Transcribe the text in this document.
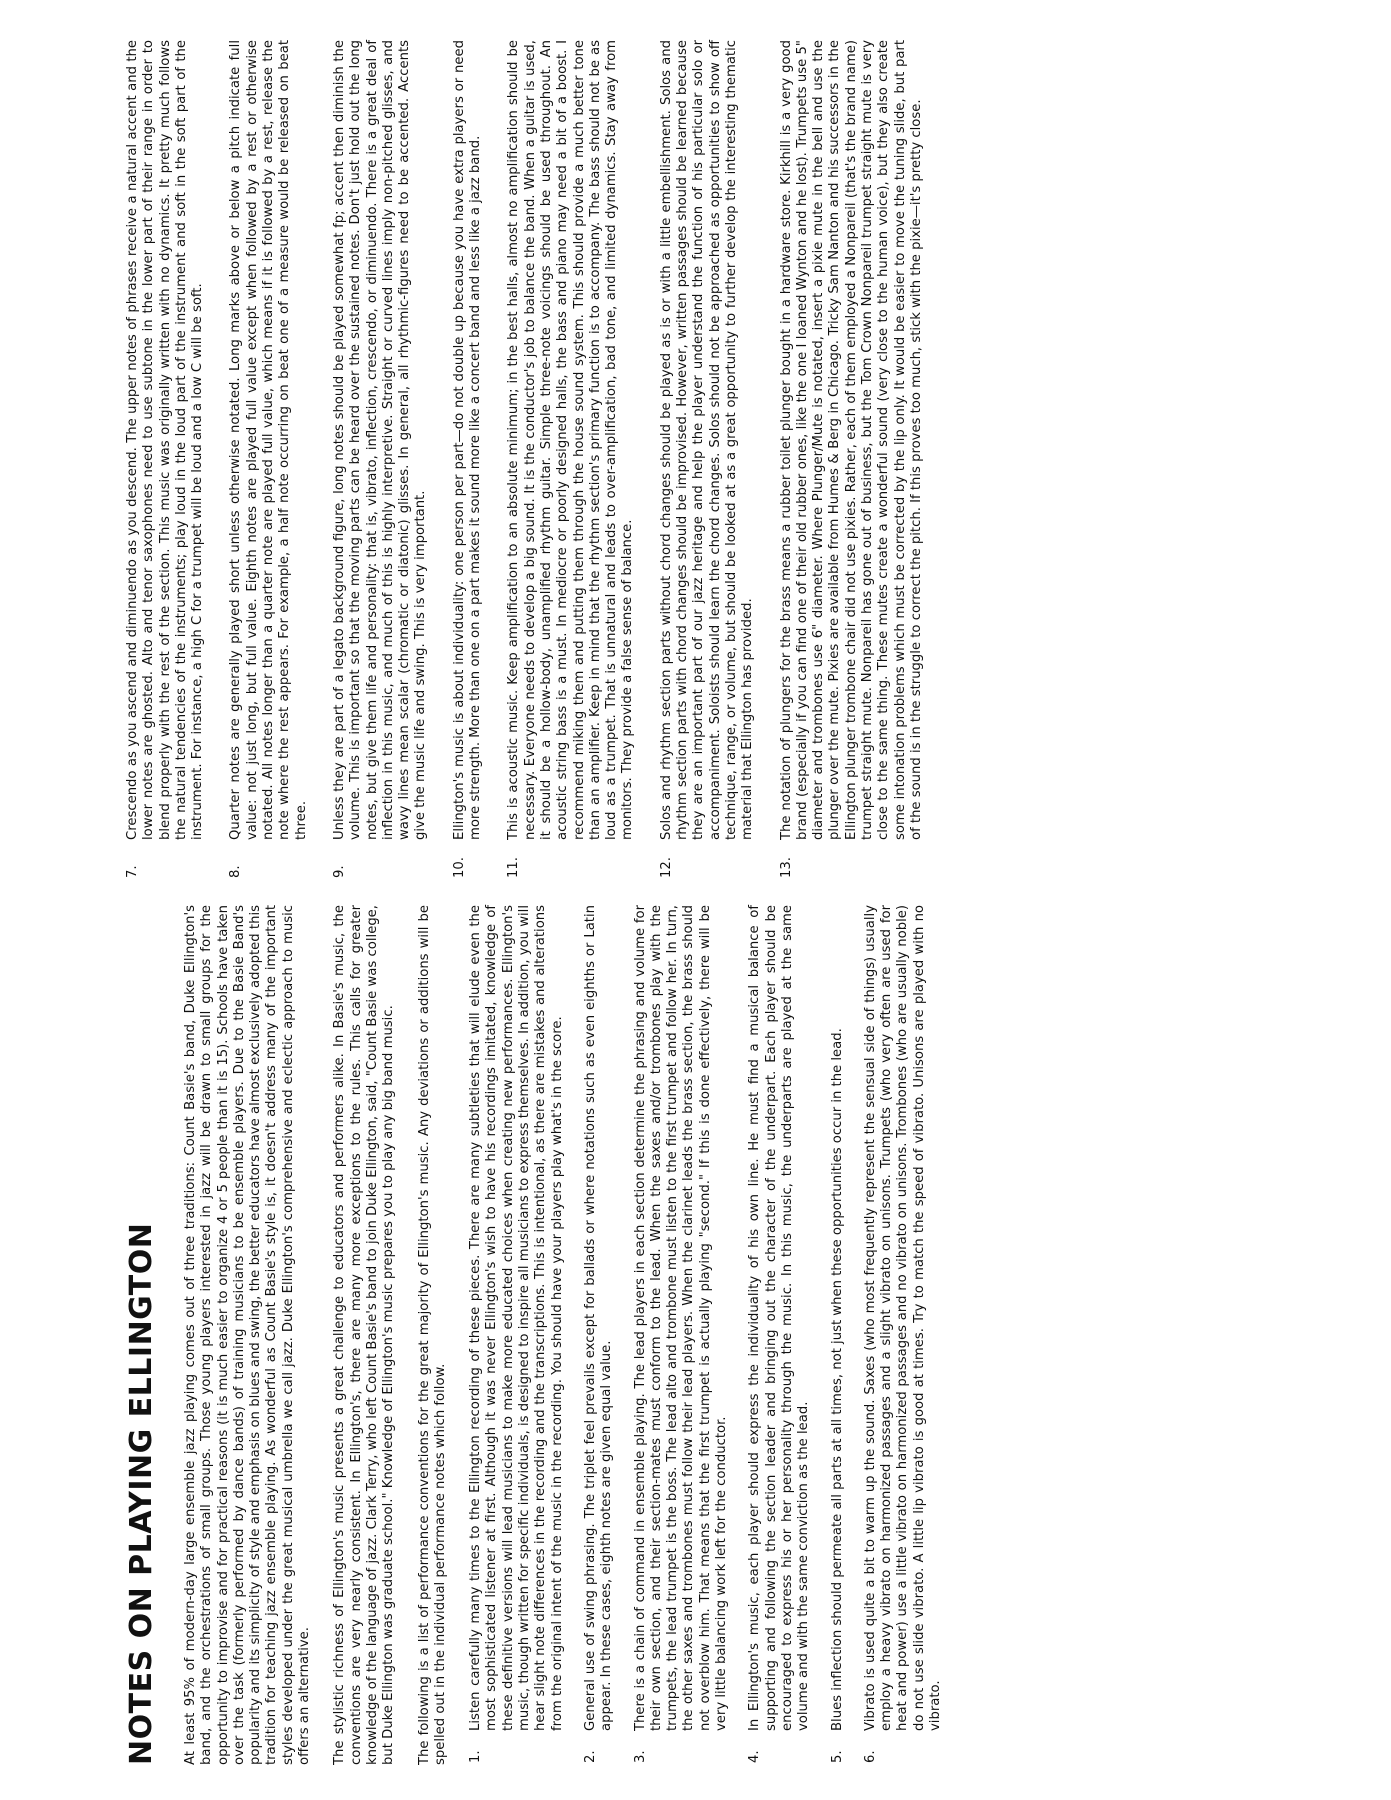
NOTES ON PLAYING ELLINGTON At least 95% of modern-day large ensemble jazz playing comes out of three traditions: Count Basie's band, Duke Ellington's band, and the orchestrations of small groups. Those young players interested in jazz will be drawn to small groups for the opportunity to improvise and for practical reasons (it is much easier to organize 4 or 5 people than it is 15). Schools have taken over the task (formerly performed by dance bands) of training musicians to be ensemble players. Due to the Basie Band's popularity and its simplicity of style and emphasis on blues and swing, the better educators have almost exclusively adopted this tradition for teaching jazz ensemble playing. As wonderful as Count Basie's style is, it doesn't address many of the important styles developed under the great musical umbrella we call jazz. Duke Ellington's comprehensive and eclectic approach to music offers an alternative. The stylistic richness of Ellington's music presents a great challenge to educators and performers alike. In Basie's music, the conventions are very nearly consistent. In Ellington's, there are many more exceptions to the rules. This calls for greater knowledge of the language of jazz. Clark Terry, who left Count Basie's band to join Duke Ellington, said, "Count Basie was college, but Duke Ellington was graduate school." Knowledge of Ellington's music prepares you to play any big band music. The following is a list of performance conventions for the great majority of Ellington's music. Any deviations or additions will be spelled out in the individual performance notes which follow. 1.
Listen carefully many times to the Ellington recording of these pieces. There are many subtleties that will elude even the most sophisticated listener at first. Although it was never Ellington's wish to have his recordings imitated, knowledge of these definitive versions will lead musicians to make more educated choices when creating new performances. Ellington's music, though written for specific individuals, is designed to inspire all musicians to express themselves. In addition, you will hear slight note differences in the recording and the transcriptions. This is intentional, as there are mistakes and alterations from the original intent of the music in the recording. You should have your players play what's in the score.
2.
General use of swing phrasing. The triplet feel prevails except for ballads or where notations such as even eighths or Latin appear. In these cases, eighth notes are given equal value.
3.
There is a chain of command in ensemble playing. The lead players in each section determine the phrasing and volume for their own section, and their section-mates must conform to the lead. When the saxes and/or trombones play with the trumpets, the lead trumpet is the boss. The lead alto and trombone must listen to the first trumpet and follow her. In turn, the other saxes and trombones must follow their lead players. When the clarinet leads the brass section, the brass should not overblow him. That means that the first trumpet is actually playing "second." If this is done effectively, there will be very little balancing work left for the conductor.
4.
In Ellington's music, each player should express the individuality of his own line. He must find a musical balance of supporting and following the section leader and bringing out the character of the underpart. Each player should be encouraged to express his or her personality through the music. In this music, the underparts are played at the same volume and with the same conviction as the lead.
5.
Blues inflection should permeate all parts at all times, not just when these opportunities occur in the lead.
6.
Vibrato is used quite a bit to warm up the sound. Saxes (who most frequently represent the sensual side of things) usually employ a heavy vibrato on harmonized passages and a slight vibrato on unisons. Trumpets (who very often are used for heat and power) use a little vibrato on harmonized passages and no vibrato on unisons. Trombones (who are usually noble) do not use slide vibrato. A little lip vibrato is good at times. Try to match the speed of vibrato. Unisons are played with no vibrato.
7.
Crescendo as you ascend and diminuendo as you descend. The upper notes of phrases receive a natural accent and the lower notes are ghosted. Alto and tenor saxophones need to use subtone in the lower part of their range in order to blend properly with the rest of the section. This music was originally written with no dynamics. It pretty much follows the natural tendencies of the instruments; play loud in the loud part of the instrument and soft in the soft part of the instrument. For instance, a high C for a trumpet will be loud and a low C will be soft.
8.
Quarter notes are generally played short unless otherwise notated. Long marks above or below a pitch indicate full value: not just long, but full value. Eighth notes are played full value except when followed by a rest or otherwise notated. All notes longer than a quarter note are played full value, which means if it is followed by a rest, release the note where the rest appears. For example, a half note occurring on beat one of a measure would be released on beat three.
9.
Unless they are part of a legato background figure, long notes should be played somewhat fp; accent then diminish the volume. This is important so that the moving parts can be heard over the sustained notes. Don't just hold out the long notes, but give them life and personality: that is, vibrato, inflection, crescendo, or diminuendo. There is a great deal of inflection in this music, and much of this is highly interpretive. Straight or curved lines imply non-pitched glisses, and wavy lines mean scalar (chromatic or diatonic) glisses. In general, all rhythmic-figures need to be accented. Accents give the music life and swing. This is very important.
10.
Ellington's music is about individuality: one person per part—do not double up because you have extra players or need more strength. More than one on a part makes it sound more like a concert band and less like a jazz band.
11.
This is acoustic music. Keep amplification to an absolute minimum; in the best halls, almost no amplification should be necessary. Everyone needs to develop a big sound. It is the conductor's job to balance the band. When a guitar is used, it should be a hollow-body, unamplified rhythm guitar. Simple three-note voicings should be used throughout. An acoustic string bass is a must. In mediocre or poorly designed halls, the bass and piano may need a bit of a boost. I recommend miking them and putting them through the house sound system. This should provide a much better tone than an amplifier. Keep in mind that the rhythm section's primary function is to accompany. The bass should not be as loud as a trumpet. That is unnatural and leads to over-amplification, bad tone, and limited dynamics. Stay away from monitors. They provide a false sense of balance.
12.
Solos and rhythm section parts without chord changes should be played as is or with a little embellishment. Solos and rhythm section parts with chord changes should be improvised. However, written passages should be learned because they are an important part of our jazz heritage and help the player understand the function of his particular solo or accompaniment. Soloists should learn the chord changes. Solos should not be approached as opportunities to show off technique, range, or volume, but should be looked at as a great opportunity to further develop the interesting thematic material that Ellington has provided.
13.
The notation of plungers for the brass means a rubber toilet plunger bought in a hardware store. Kirkhill is a very good brand (especially if you can find one of their old rubber ones, like the one I loaned Wynton and he lost). Trumpets use 5" diameter and trombones use 6" diameter. Where Plunger/Mute is notated, insert a pixie mute in the bell and use the plunger over the mute. Pixies are available from Humes & Berg in Chicago. Tricky Sam Nanton and his successors in the Ellington plunger trombone chair did not use pixies. Rather, each of them employed a Nonpareil (that's the brand name) trumpet straight mute. Nonpareil has gone out of business, but the Tom Crown Nonpareil trumpet straight mute is very close to the same thing. These mutes create a wonderful sound (very close to the human voice), but they also create some intonation problems which must be corrected by the lip only. It would be easier to move the tuning slide, but part of the sound is in the struggle to correct the pitch. If this proves too much, stick with the pixie—it's pretty close.
